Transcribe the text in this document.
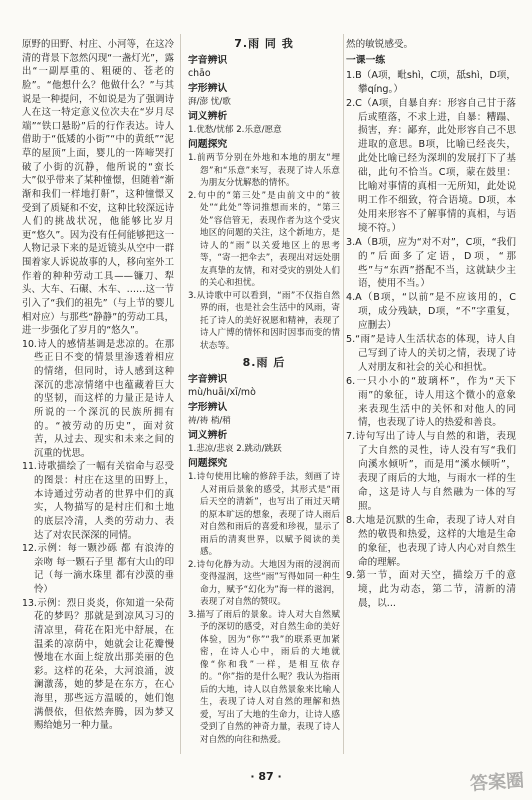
原野的田野、村庄、小河等，在这冷清的背景下忽然闪现“一盏灯光”，露出“一副厚重的、粗硬的、苍老的脸”。“他想什么？他做什么？”与其说是一种提问，不如说是为了强调诗人在这一特定意义位次夫在“岁月尽端”“铁口悬盼”后的行作表达。诗人借助于“低矮的小街”“中的黄纸”“泥草的屋顶”上面，婴儿的一阵啼哭打破了小街的沉静，他所说的“蛮长大”似乎带来了某种憧憬，但随着“渐渐和我们一样地打鼾”，这种憧憬又受到了质疑和不安，这种比较深远诗人们的挑战状况，他能够比岁月更“悠久”。因为没有任何能够把这一人物记录下来的是近镜头从空中一群围着家人诉说故事的人，移向室外工作着的种种劳动工具——镰刀、犁头、大车、石碾、木车、……这一节引入了“我们的祖先”（与上节的婴儿相对应）与那些“静静”的劳动工具，进一步强化了岁月的“悠久”。

10.诗人的感情基调是悲凉的。在那些正日不变的情景里渗透着相应的情绪，但同时，诗人感到这种深沉的悲凉情绪中也蕴藏着巨大的坚韧，而这样的力量正是诗人所说的一个深沉的民族所拥有的。“被劳动的历史”，面对贫苦，从过去、现实和未来之间的沉重的忧思。

11.诗歌描绘了一幅有关宿命与忍受的图景：村庄在这里的田野上，本诗通过劳动者的世界中们的真实，人物描写的是村庄们和土地的底层冷清，人类的劳动力、表达了对农民深深的同情。

12.示例：每一颗沙砾 都 有浪涛的亲吻 每一颗石子里 都有大山的印记（每一滴水珠里 都有沙漠的垂怜）

13.示例：烈日炎炎，你知道一朵荷花的梦吗？那就是到凉风习习的清凉里，荷花在阳光中舒展，在温柔的凉荫中，她就会让花瓣慢慢地在水面上绽放出那美丽的色彩。这样的花朵，大河浪涌，波澜激荡，她的梦是在东方，在心海里，那些远方温暖的，她们饱满偎依，但依然奔腾，因为梦又赐给她另一种力量。

7.雨 同 我
字音辨识

chāo

字形辨认

湃/澎 忧/歌

词义辨析

1.优愁/忧郁 2.乐意/愿意

问题探究

1.前两节分别在外地和本地的朋友“埋怨”和“乐意”来写，表现了诗人乐意为朋友分忧解愁的情怀。

2.句中的“第三处”是由前文中的“彼处”“此处”等词推想而来的，“第三处”容信管无，表现作者为这个受灾地区的问题的关注，这个新地方，是诗人的“雨”以关爱地区上的思考等，“寄一把伞去”，表现出对远处朋友真挚的友情，和对受灾的别处人们的关心和担忧。

3.从诗歌中可以看到，“雨”不仅指自然界的雨，也是社会生活中的风雨，寄托了诗人的美好祝愿和精神，表现了诗人广博的情怀和因时因事而变的情状态等。

8.雨 后
字音辨识

mù/huāi/xī/mò

字形辨认

祷/祷 梢/稍

词义辨析

1.悲凉/悲哀 2.跳动/跳跃

问题探究

1.诗句使用比喻的修辞手法，刻画了诗人对雨后景象的感受，其形式是“雨后天空的清新”，也写出了雨过天晴的原本旷远的想象，表现了诗人雨后对自然和雨后的喜爱和珍视，显示了雨后的清爽世界，以赋予阅读的美感。

2.诗句化静为动。大地因为雨的浸润而变得湿润，这些“雨”写得如同一种生命力，赋予“幻化为”海一样的滋润，表现了对自然的赞叹。

3.描写了雨后的景象。诗人对大自然赋予的深切的感受，对自然生命的美好体验，因为“你”“我”的联系更加紧密，在诗人心中，雨后的大地就像“你和我”一样，是相互依存的。“你”指的是什么呢？我认为指雨后的大地，诗人以自然景象来比喻人生，表现了诗人对自然的理解和热爱，写出了大地的生命力，让诗人感受到了自然的神奇力量，表现了诗人对自然的向往和热爱。

然的敏锐感受。

一课一练

1.B（A项，毗shì，C项，舐shì，D项，攀qíng。）

2.C（A项，自暴自弃：形容自己甘于落后或堕落，不求上进，自暴：糟蹋、损害，弃：鄙弃，此处形容自己不思进取的意思。B项，比喻已经丧失，此处比喻已经为深圳的发展打下了基础，此句不恰当。C项，蒙在鼓里：比喻对事情的真相一无所知，此处说明工作不细致，符合语境。D项，本处用来形容不了解事情的真相，与语境不符。）

3.A（B项，应为“对不对”，C项，“我们的”后面多了定语，D项，“那些”与“东西”搭配不当，这就缺少主语，使用不当。）

4.A（B项，“以前”是不应该用的，C项，成分残缺，D项，“不”字重复，应删去）

5.“雨”是诗人生活状态的体现，诗人自己写到了诗人的关切之情，表现了诗人对朋友和社会的关心和担忧。

6.一只小小的“玻璃杯”，作为“天下雨”的象征，诗人用这个微小的意象来表现生活中的关怀和对他人的同情，也表现了诗人的热爱和善良。

7.诗句写出了诗人与自然的和谐，表现了大自然的灵性，诗人没有写“我们向溪水倾听”，而是用“溪水倾听”，表现了雨后的大地，与雨水一样的生命，这是诗人与自然融为一体的写照。

8.大地是沉默的生命，表现了诗人对自然的敬畏和热爱，这样的大地是生命的象征，也表现了诗人内心对自然生命的理解。

9.第一节，面对天空，描绘万千的意境，此为动态，第二节，清新的清晨，以...

· 87 ·	答案圈
